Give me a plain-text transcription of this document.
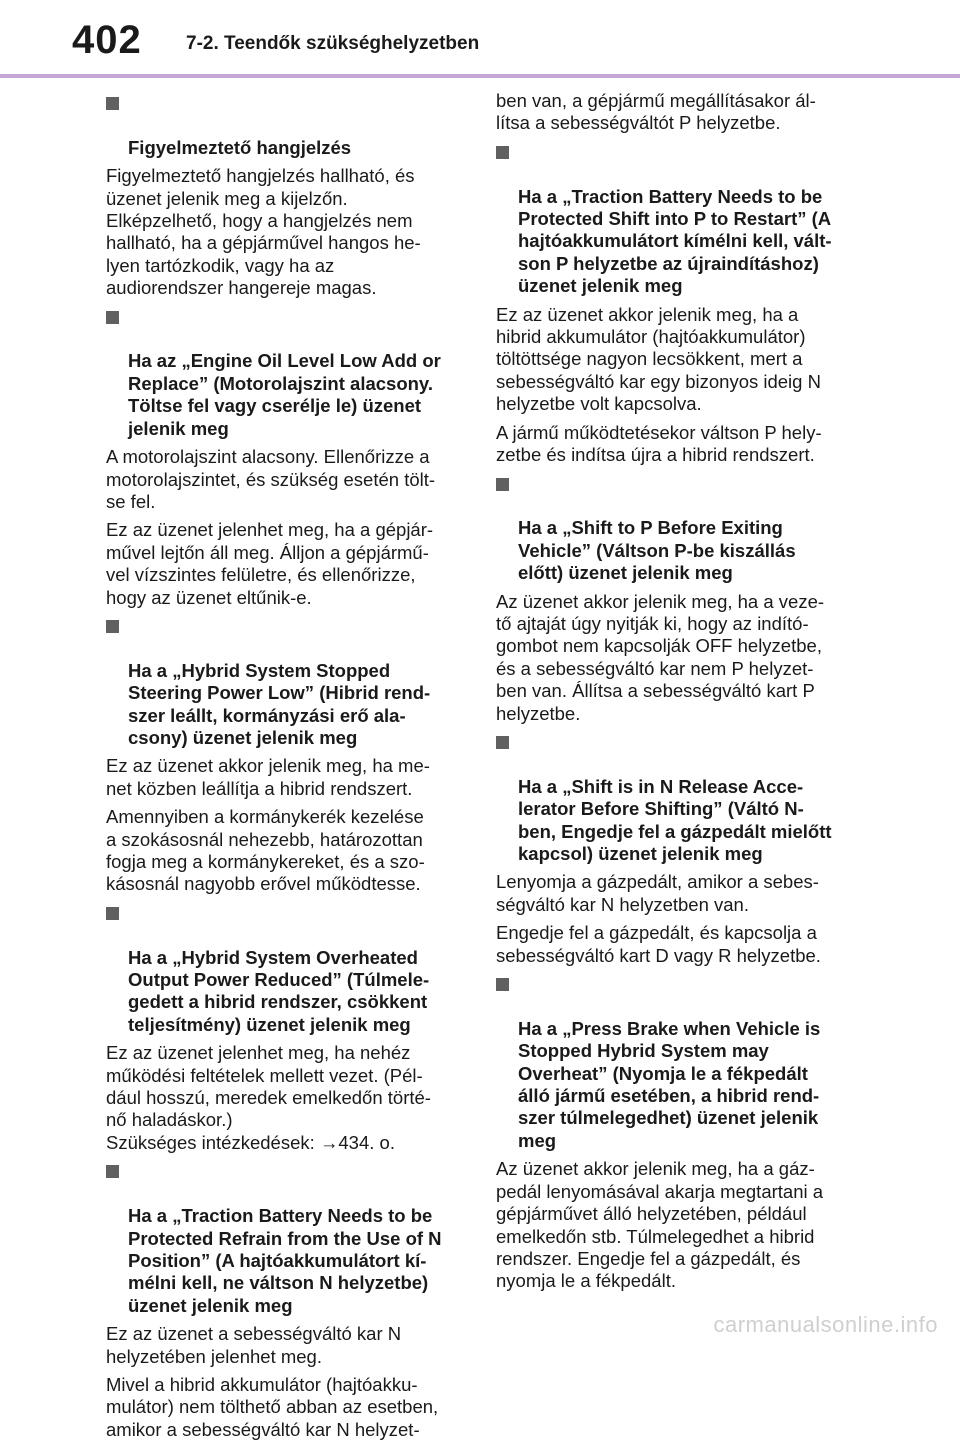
402 7-2. Teendők szükséghelyzetben

Figyelmeztető hangjelzés

Figyelmeztető hangjelzés hallható, és
üzenet jelenik meg a kijelzőn.
Elképzelhető, hogy a hangjelzés nem
hallható, ha a gépjárművel hangos he-
lyen tartózkodik, vagy ha az
audiorendszer hangereje magas.

Ha az „Engine Oil Level Low Add or
Replace” (Motorolajszint alacsony.
Töltse fel vagy cserélje le) üzenet
jelenik meg

A motorolajszint alacsony. Ellenőrizze a
motorolajszintet, és szükség esetén tölt-
se fel.

Ez az üzenet jelenhet meg, ha a gépjár-
művel lejtőn áll meg. Álljon a gépjármű-
vel vízszintes felületre, és ellenőrizze,
hogy az üzenet eltűnik-e.

Ha a „Hybrid System Stopped
Steering Power Low” (Hibrid rend-
szer leállt, kormányzási erő ala-
csony) üzenet jelenik meg

Ez az üzenet akkor jelenik meg, ha me-
net közben leállítja a hibrid rendszert.

Amennyiben a kormánykerék kezelése
a szokásosnál nehezebb, határozottan
fogja meg a kormánykereket, és a szo-
kásosnál nagyobb erővel működtesse.

Ha a „Hybrid System Overheated
Output Power Reduced” (Túlmele-
gedett a hibrid rendszer, csökkent
teljesítmény) üzenet jelenik meg

Ez az üzenet jelenhet meg, ha nehéz
működési feltételek mellett vezet. (Pél-
dául hosszú, meredek emelkedőn törté-
nő haladáskor.)
Szükséges intézkedések: →434. o.

Ha a „Traction Battery Needs to be
Protected Refrain from the Use of N
Position” (A hajtóakkumulátort kí-
mélni kell, ne váltson N helyzetbe)
üzenet jelenik meg

Ez az üzenet a sebességváltó kar N
helyzetében jelenhet meg.

Mivel a hibrid akkumulátor (hajtóakku-
mulátor) nem tölthető abban az esetben,
amikor a sebességváltó kar N helyzet-

ben van, a gépjármű megállításakor ál-
lítsa a sebességváltót P helyzetbe.

Ha a „Traction Battery Needs to be
Protected Shift into P to Restart” (A
hajtóakkumulátort kímélni kell, vált-
son P helyzetbe az újraindításhoz)
üzenet jelenik meg

Ez az üzenet akkor jelenik meg, ha a
hibrid akkumulátor (hajtóakkumulátor)
töltöttsége nagyon lecsökkent, mert a
sebességváltó kar egy bizonyos ideig N
helyzetbe volt kapcsolva.

A jármű működtetésekor váltson P hely-
zetbe és indítsa újra a hibrid rendszert.

Ha a „Shift to P Before Exiting
Vehicle” (Váltson P-be kiszállás
előtt) üzenet jelenik meg

Az üzenet akkor jelenik meg, ha a veze-
tő ajtaját úgy nyitják ki, hogy az indító-
gombot nem kapcsolják OFF helyzetbe,
és a sebességváltó kar nem P helyzet-
ben van. Állítsa a sebességváltó kart P
helyzetbe.

Ha a „Shift is in N Release Acce-
lerator Before Shifting” (Váltó N-
ben, Engedje fel a gázpedált mielőtt
kapcsol) üzenet jelenik meg

Lenyomja a gázpedált, amikor a sebes-
ségváltó kar N helyzetben van.

Engedje fel a gázpedált, és kapcsolja a
sebességváltó kart D vagy R helyzetbe.

Ha a „Press Brake when Vehicle is
Stopped Hybrid System may
Overheat” (Nyomja le a fékpedált
álló jármű esetében, a hibrid rend-
szer túlmelegedhet) üzenet jelenik
meg

Az üzenet akkor jelenik meg, ha a gáz-
pedál lenyomásával akarja megtartani a
gépjárművet álló helyzetében, például
emelkedőn stb. Túlmelegedhet a hibrid
rendszer. Engedje fel a gázpedált, és
nyomja le a fékpedált.

carmanualsonline.info
